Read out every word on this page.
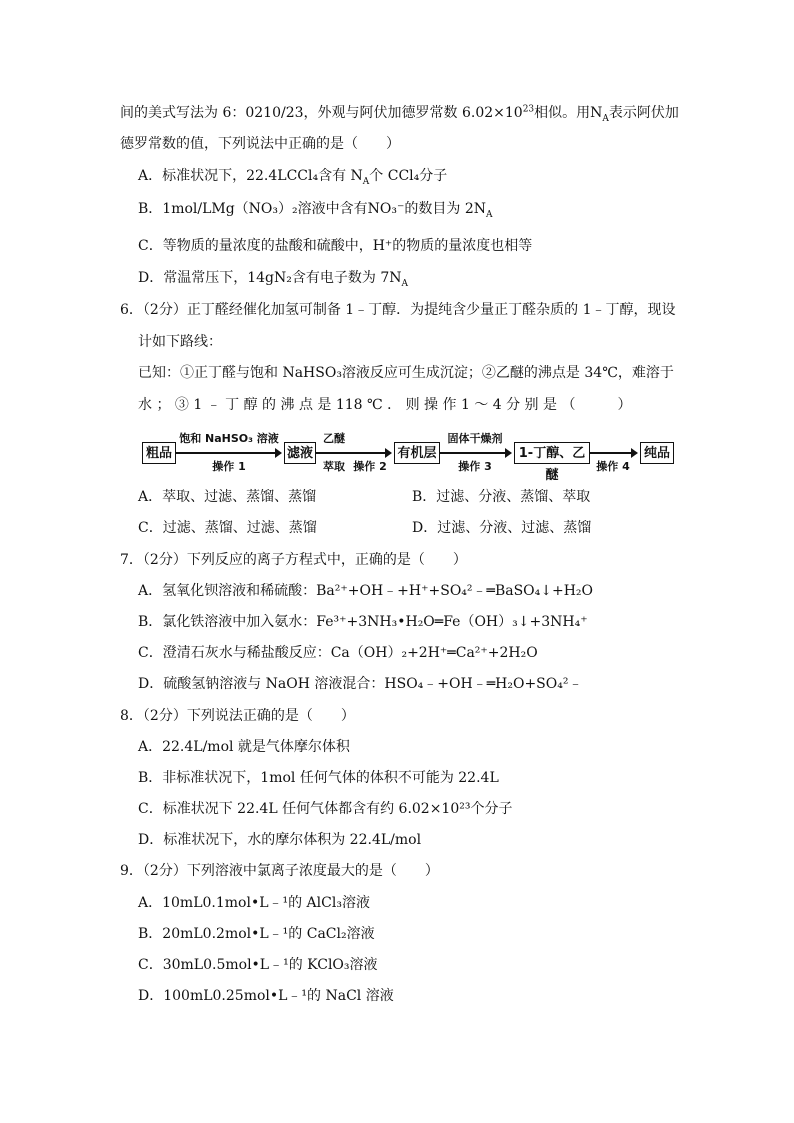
间的美式写法为 6：0210/23，外观与阿伏加德罗常数 $6.02\times 10^{23}$相似。用$N_A$表示阿伏加
德罗常数的值，下列说法中正确的是（　　）
A．标准状况下，22.4LCCl₄含有 $N_A$个 CCl₄分子
B．1mol/LMg（NO₃）₂溶液中含有NO₃⁻的数目为 $2N_A$
C．等物质的量浓度的盐酸和硫酸中，H⁺的物质的量浓度也相等
D．常温常压下，14gN₂含有电子数为 $7N_A$
6．（2分）正丁醛经催化加氢可制备 1﹣丁醇．为提纯含少量正丁醛杂质的 1﹣丁醇，现设
计如下路线：
已知：①正丁醛与饱和 NaHSO₃溶液反应可生成沉淀；②乙醚的沸点是 34℃，难溶于
水 ； ③ 1 ﹣ 丁 醇 的 沸 点 是 118 ℃ ． 则 操 作 1 ～ 4 分 别 是 （　　　）
粗品
饱和 NaHSO₃ 溶液
操作 1
滤液
乙醚
萃取 操作 2
有机层
固体干燥剂
操作 3
1-丁醇、乙醚
操作 4
纯品
A．萃取、过滤、蒸馏、蒸馏	B．过滤、分液、蒸馏、萃取
C．过滤、蒸馏、过滤、蒸馏	D．过滤、分液、过滤、蒸馏
7．（2分）下列反应的离子方程式中，正确的是（　　）
A．氢氧化钡溶液和稀硫酸：Ba²⁺+OH﹣+H⁺+SO₄²﹣═BaSO₄↓+H₂O
B．氯化铁溶液中加入氨水：Fe³⁺+3NH₃•H₂O═Fe（OH）₃↓+3NH₄⁺
C．澄清石灰水与稀盐酸反应：Ca（OH）₂+2H⁺═Ca²⁺+2H₂O
D．硫酸氢钠溶液与 NaOH 溶液混合：HSO₄﹣+OH﹣═H₂O+SO₄²﹣
8．（2分）下列说法正确的是（　　）
A．22.4L/mol 就是气体摩尔体积
B．非标准状况下，1mol 任何气体的体积不可能为 22.4L
C．标准状况下 22.4L 任何气体都含有约 6.02×10²³个分子
D．标准状况下，水的摩尔体积为 22.4L/mol
9．（2分）下列溶液中氯离子浓度最大的是（　　）
A．10mL0.1mol•L﹣¹的 AlCl₃溶液
B．20mL0.2mol•L﹣¹的 CaCl₂溶液
C．30mL0.5mol•L﹣¹的 KClO₃溶液
D．100mL0.25mol•L﹣¹的 NaCl 溶液
